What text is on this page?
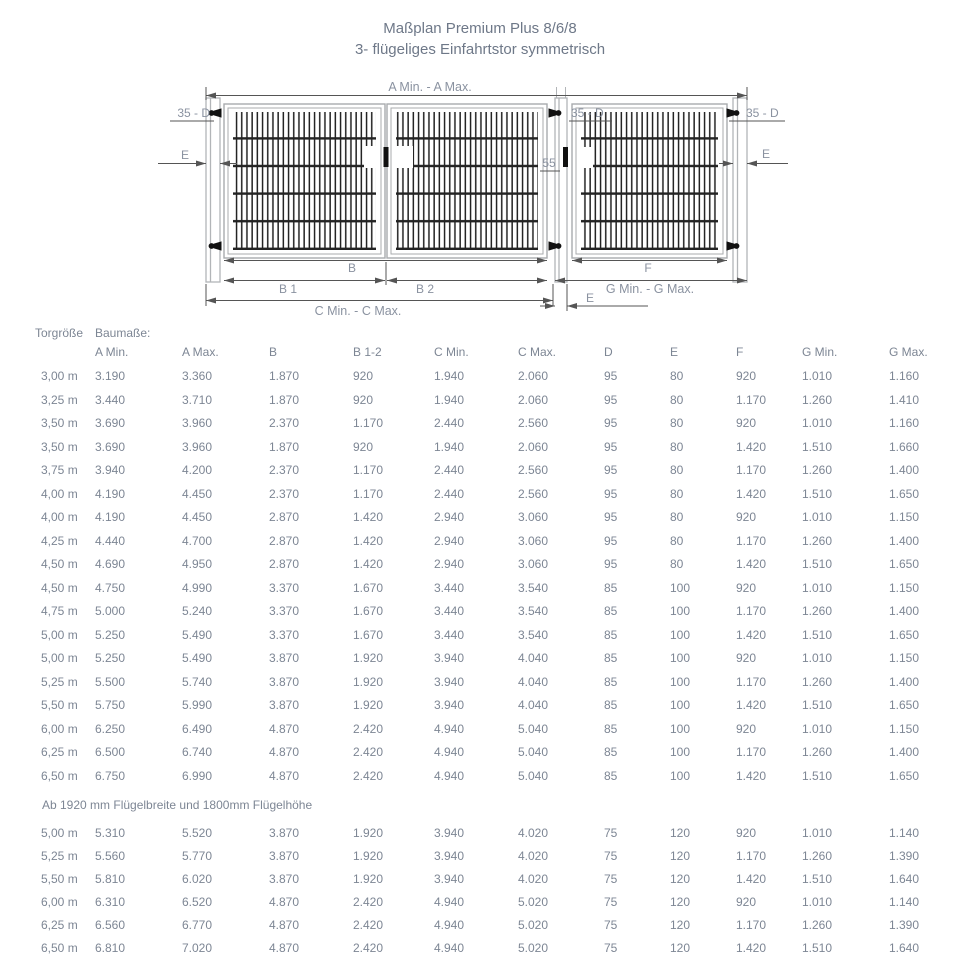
Maßplan Premium Plus 8/6/8
3- flügeliges Einfahrtstor symmetrisch
A Min. - A Max.
35 - D	35 - D	35 - D
E	E
E
55
B
B 1	B 2
C Min. - C Max.
F
G Min. - G Max.
Torgröße Baumaße:
A Min.	A Max.	B	B 1-2	C Min.	C Max.	D	E	F	G Min.	G Max.
3,00 m	3.190	3.360	1.870	920	1.940	2.060	95	80	920	1.010	1.160
3,25 m	3.440	3.710	1.870	920	1.940	2.060	95	80	1.170	1.260	1.410
3,50 m	3.690	3.960	2.370	1.170	2.440	2.560	95	80	920	1.010	1.160
3,50 m	3.690	3.960	1.870	920	1.940	2.060	95	80	1.420	1.510	1.660
3,75 m	3.940	4.200	2.370	1.170	2.440	2.560	95	80	1.170	1.260	1.400
4,00 m	4.190	4.450	2.370	1.170	2.440	2.560	95	80	1.420	1.510	1.650
4,00 m	4.190	4.450	2.870	1.420	2.940	3.060	95	80	920	1.010	1.150
4,25 m	4.440	4.700	2.870	1.420	2.940	3.060	95	80	1.170	1.260	1.400
4,50 m	4.690	4.950	2.870	1.420	2.940	3.060	95	80	1.420	1.510	1.650
4,50 m	4.750	4.990	3.370	1.670	3.440	3.540	85	100	920	1.010	1.150
4,75 m	5.000	5.240	3.370	1.670	3.440	3.540	85	100	1.170	1.260	1.400
5,00 m	5.250	5.490	3.370	1.670	3.440	3.540	85	100	1.420	1.510	1.650
5,00 m	5.250	5.490	3.870	1.920	3.940	4.040	85	100	920	1.010	1.150
5,25 m	5.500	5.740	3.870	1.920	3.940	4.040	85	100	1.170	1.260	1.400
5,50 m	5.750	5.990	3.870	1.920	3.940	4.040	85	100	1.420	1.510	1.650
6,00 m	6.250	6.490	4.870	2.420	4.940	5.040	85	100	920	1.010	1.150
6,25 m	6.500	6.740	4.870	2.420	4.940	5.040	85	100	1.170	1.260	1.400
6,50 m	6.750	6.990	4.870	2.420	4.940	5.040	85	100	1.420	1.510	1.650
Ab 1920 mm Flügelbreite und 1800mm Flügelhöhe
5,00 m	5.310	5.520	3.870	1.920	3.940	4.020	75	120	920	1.010	1.140
5,25 m	5.560	5.770	3.870	1.920	3.940	4.020	75	120	1.170	1.260	1.390
5,50 m	5.810	6.020	3.870	1.920	3.940	4.020	75	120	1.420	1.510	1.640
6,00 m	6.310	6.520	4.870	2.420	4.940	5.020	75	120	920	1.010	1.140
6,25 m	6.560	6.770	4.870	2.420	4.940	5.020	75	120	1.170	1.260	1.390
6,50 m	6.810	7.020	4.870	2.420	4.940	5.020	75	120	1.420	1.510	1.640
